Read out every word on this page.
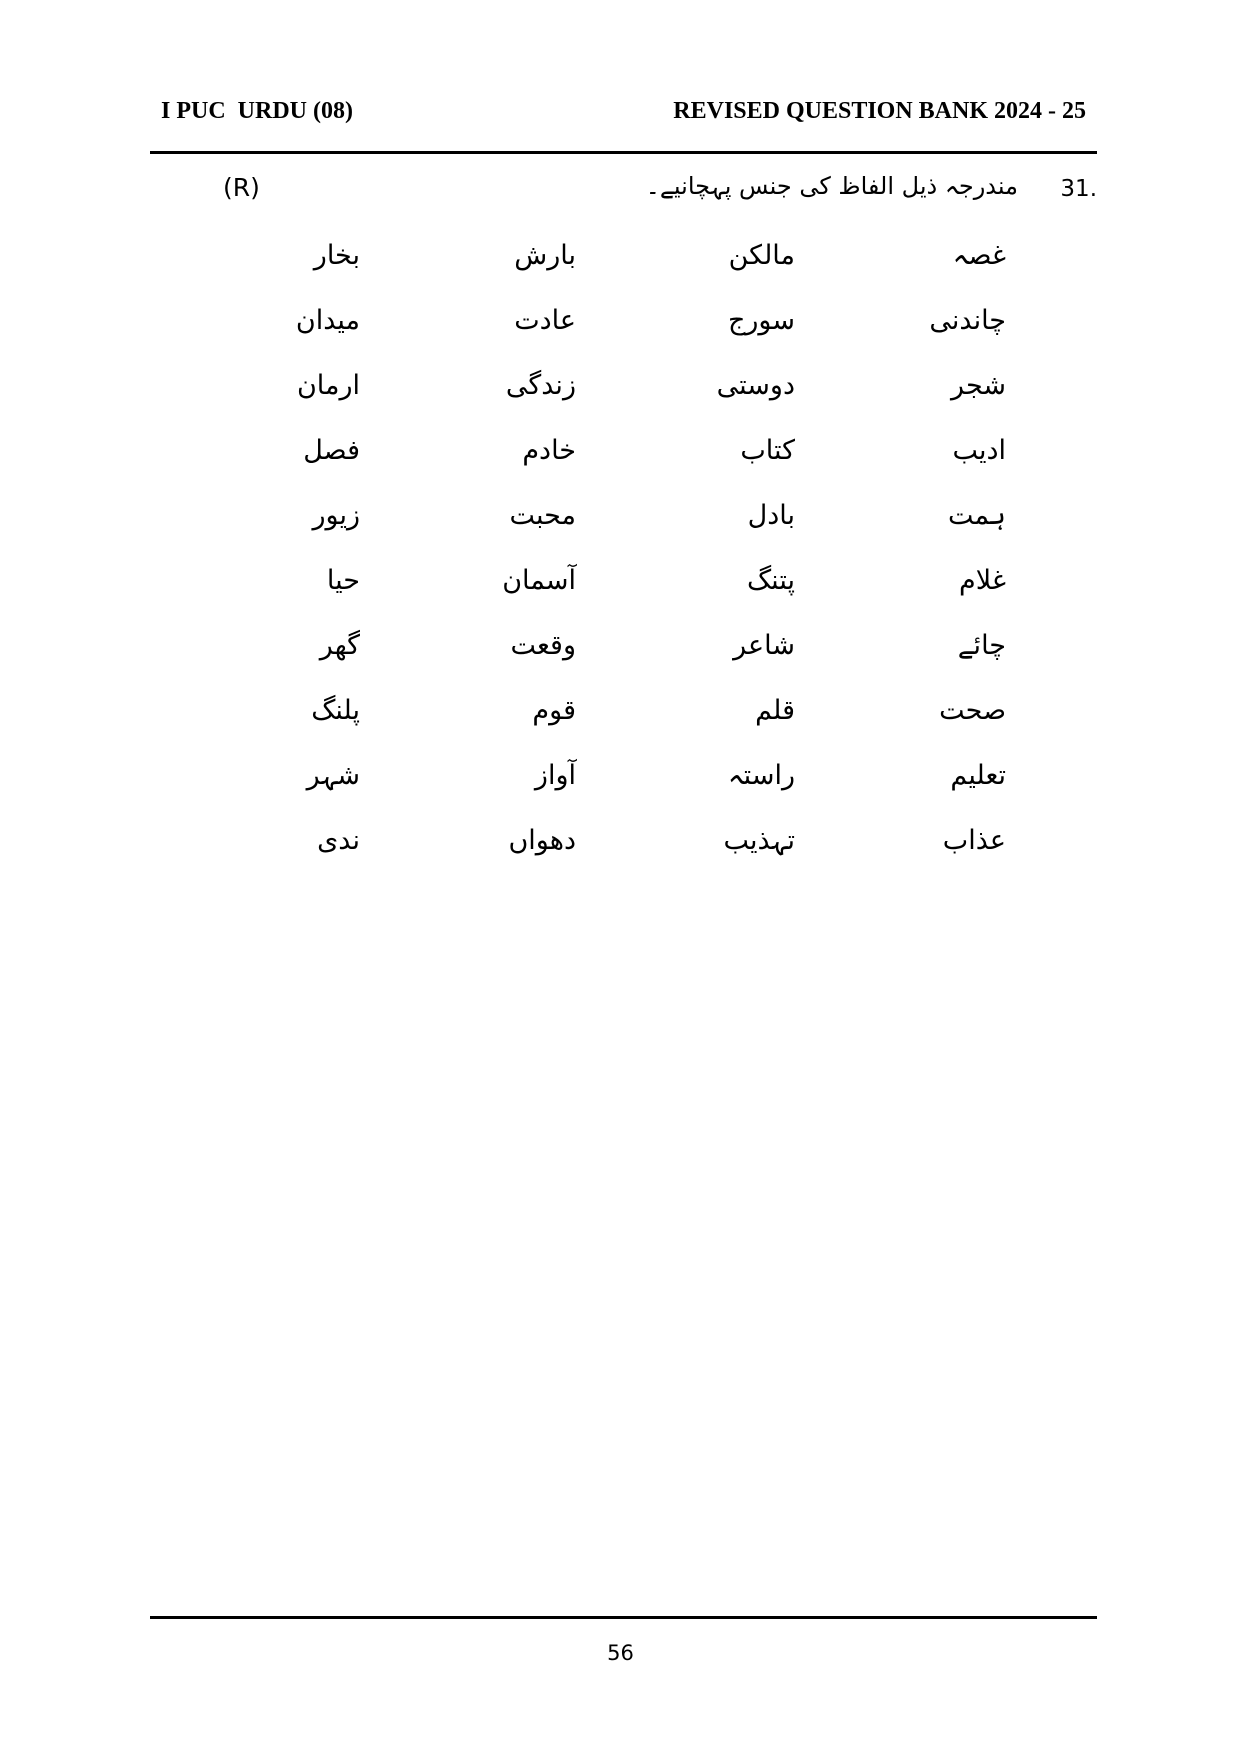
I PUC  URDU (08)	REVISED QUESTION BANK 2024 - 25
31.
مندرجہ ذیل الفاظ کی جنس پہچانیے۔
(R)
غصہ
مالکن
بارش
بخار
چاندنی
سورج
عادت
میدان
شجر
دوستی
زندگی
ارمان
ادیب
کتاب
خادم
فصل
ہمت
بادل
محبت
زیور
غلام
پتنگ
آسمان
حیا
چائے
شاعر
وقعت
گھر
صحت
قلم
قوم
پلنگ
تعلیم
راستہ
آواز
شہر
عذاب
تہذیب
دھواں
ندی
56
